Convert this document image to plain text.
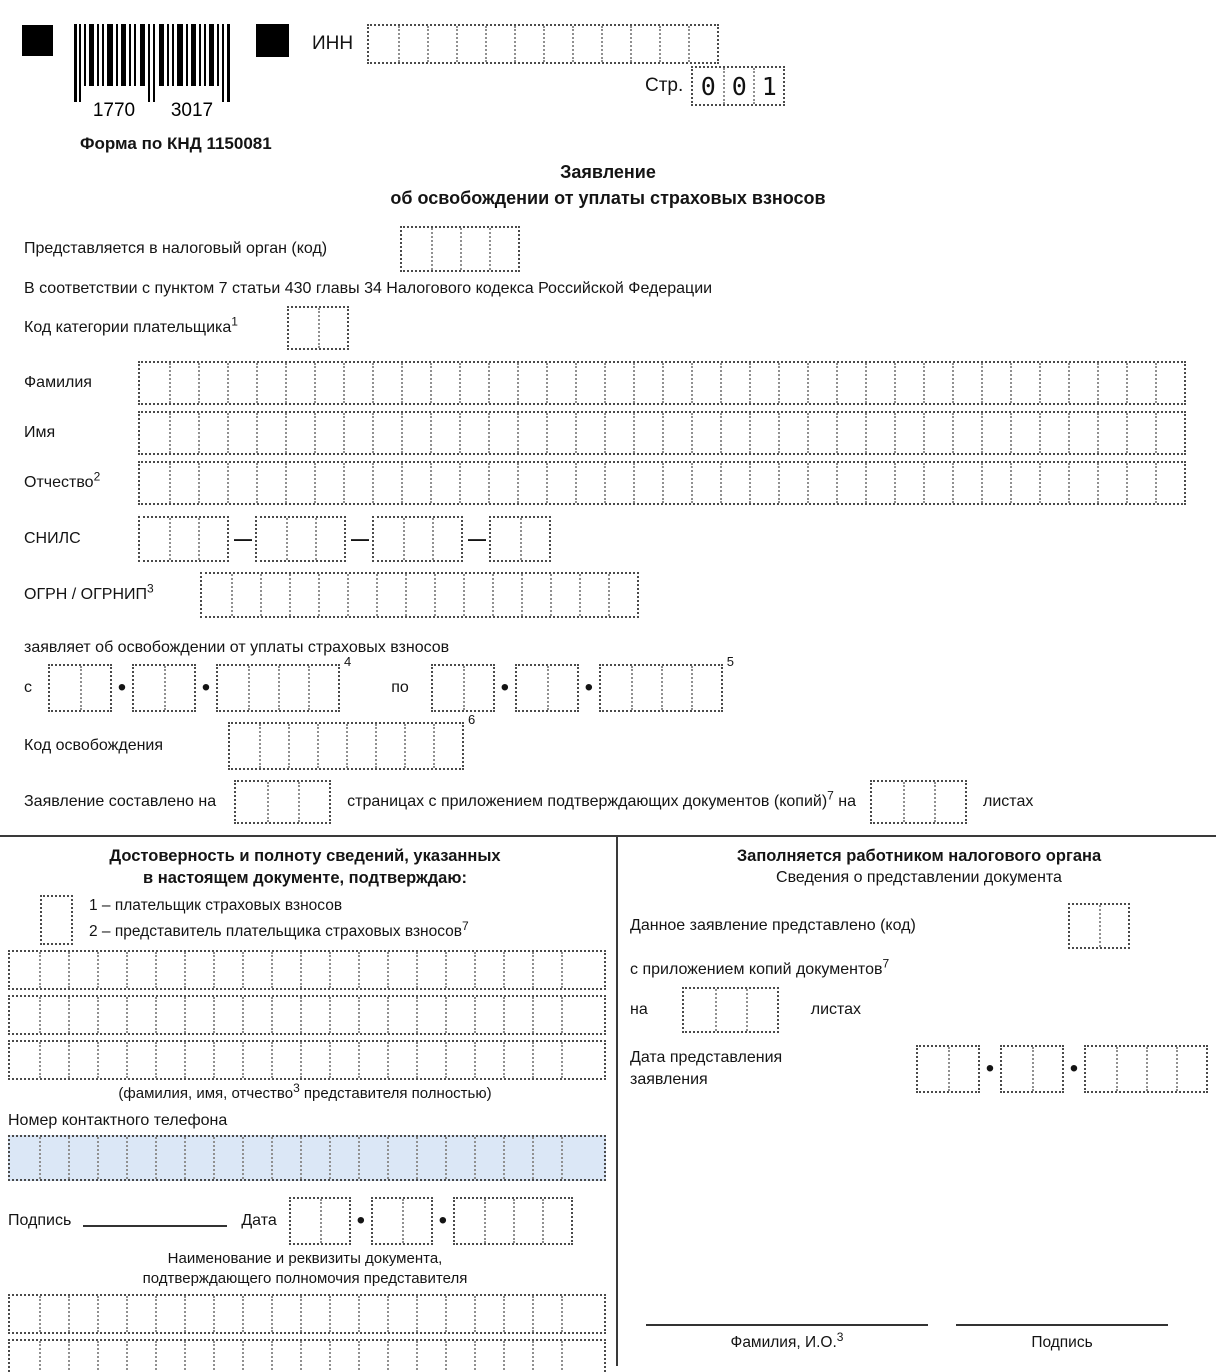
1770 3017
ИНН
Стр. 0 0 1
Форма по КНД 1150081
Заявление
об освобождении от уплаты страховых взносов
Представляется в налоговый орган (код)
В соответствии с пунктом 7 статьи 430 главы 34 Налогового кодекса Российской Федерации
Код категории плательщика$^1$
Фамилия
Имя
Отчество$^2$
СНИЛС
—
—
—
ОГРН / ОГРНИП$^3$
заявляет об освобождении от уплаты страховых взносов
с
•
•
4
по
•
•
5
Код освобождения
6
Заявление составлено на	страницах с приложением подтверждающих документов (копий)$^7$ на	листах
Достоверность и полноту сведений, указанных
в настоящем документе, подтверждаю:
1 – плательщик страховых взносов
2 – представитель плательщика страховых взносов$^7$
(фамилия, имя, отчество$^3$ представителя полностью)
Номер контактного телефона
Подпись	Дата
•
•
Наименование и реквизиты документа,
подтверждающего полномочия представителя
Заполняется работником налогового органа
Сведения о представлении документа
Данное заявление представлено (код)
с приложением копий документов$^7$
на	листах
Дата представления
заявления
•
•
Фамилия, И.О.$^3$	Подпись
